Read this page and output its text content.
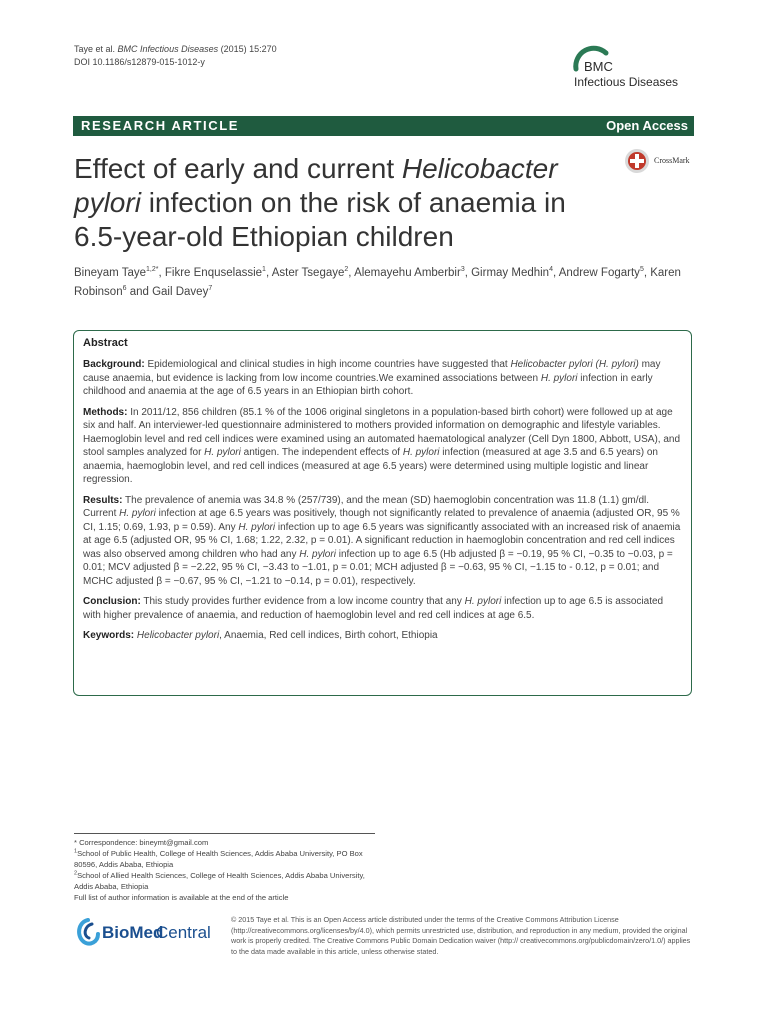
Taye et al. BMC Infectious Diseases (2015) 15:270
DOI 10.1186/s12879-015-1012-y	BMC
Infectious Diseases
RESEARCH ARTICLE	Open Access
CrossMark
Effect of early and current Helicobacter
pylori infection on the risk of anaemia in
6.5-year-old Ethiopian children
Bineyam Taye$^{1,2*}$, Fikre Enquselassie$^1$, Aster Tsegaye$^2$, Alemayehu Amberbir$^3$, Girmay Medhin$^4$, Andrew Fogarty$^5$, Karen Robinson$^6$ and Gail Davey$^7$
Abstract

Background: Epidemiological and clinical studies in high income countries have suggested that Helicobacter pylori (H. pylori) may cause anaemia, but evidence is lacking from low income countries.We examined associations between H. pylori infection in early childhood and anaemia at the age of 6.5 years in an Ethiopian birth cohort.

Methods: In 2011/12, 856 children (85.1 % of the 1006 original singletons in a population-based birth cohort) were followed up at age six and half. An interviewer-led questionnaire administered to mothers provided information on demographic and lifestyle variables. Haemoglobin level and red cell indices were examined using an automated haematological analyzer (Cell Dyn 1800, Abbott, USA), and stool samples analyzed for H. pylori antigen. The independent effects of H. pylori infection (measured at age 3.5 and 6.5 years) on anaemia, haemoglobin level, and red cell indices (measured at age 6.5 years) were determined using multiple logistic and linear regression.

Results: The prevalence of anemia was 34.8 % (257/739), and the mean (SD) haemoglobin concentration was 11.8 (1.1) gm/dl. Current H. pylori infection at age 6.5 years was positively, though not significantly related to prevalence of anaemia (adjusted OR, 95 % CI, 1.15; 0.69, 1.93, p = 0.59). Any H. pylori infection up to age 6.5 years was significantly associated with an increased risk of anaemia at age 6.5 (adjusted OR, 95 % CI, 1.68; 1.22, 2.32, p = 0.01). A significant reduction in haemoglobin concentration and red cell indices was also observed among children who had any H. pylori infection up to age 6.5 (Hb adjusted β = −0.19, 95 % CI, −0.35 to −0.03, p = 0.01; MCV adjusted β = −2.22, 95 % CI, −3.43 to −1.01, p = 0.01; MCH adjusted β = −0.63, 95 % CI, −1.15 to - 0.12, p = 0.01; and MCHC adjusted β = −0.67, 95 % CI, −1.21 to −0.14, p = 0.01), respectively.

Conclusion: This study provides further evidence from a low income country that any H. pylori infection up to age 6.5 is associated with higher prevalence of anaemia, and reduction of haemoglobin level and red cell indices at age 6.5.

Keywords: Helicobacter pylori, Anaemia, Red cell indices, Birth cohort, Ethiopia

* Correspondence: bineymt@gmail.com
$^1$School of Public Health, College of Health Sciences, Addis Ababa University, PO Box 80596, Addis Ababa, Ethiopia
$^2$School of Allied Health Sciences, College of Health Sciences, Addis Ababa University, Addis Ababa, Ethiopia
Full list of author information is available at the end of the article
BioMed
Central
© 2015 Taye et al. This is an Open Access article distributed under the terms of the Creative Commons Attribution License (http://creativecommons.org/licenses/by/4.0), which permits unrestricted use, distribution, and reproduction in any medium, provided the original work is properly credited. The Creative Commons Public Domain Dedication waiver (http:// creativecommons.org/publicdomain/zero/1.0/) applies to the data made available in this article, unless otherwise stated.
